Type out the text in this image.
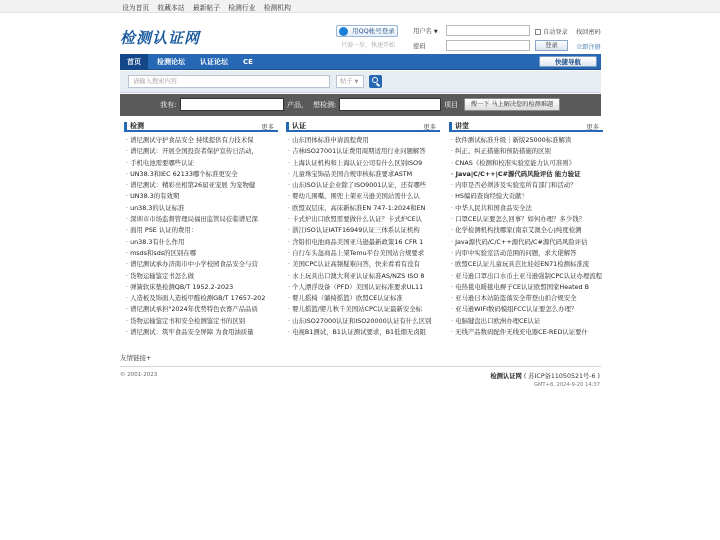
设为首页 收藏本站 最新帖子 检测行业 检测机构
检测认证网	用QQ帐号登录
只需一步，快速开始
用户名 ▼
密码
自动登录 找回密码
登录	立即注册
首页	检测论坛 认证论坛 CE	快捷导航
请输入搜索内容	帖子 ▼
我有:	产品， 想检测:	项目	搜一下 马上解决您的检测难题
检测	更多
· 谱尼测试守护食品安全 持续提供有力技术保
· 谱尼测试：开展全国投资者保护宣传日活动，
· 手机电池需要哪些认证
· UN38.3和IEC 62133哪个标准更安全
· 谱尼测试：精彩亮相第26届亚宠展 为宠物健
· UN38.3的有效期
· un38.3的认证标准
· 深圳市市场监督管理局福田监管局莅临谱尼深
· 面用 PSE 认证的费用：
· un38.3有什么作用
· msds和sds的区别在哪
· 谱尼测试承办济南市中小学校园食品安全与营
· 货物运输鉴定书怎么做
· 弹簧软床垫检测QB/T 1952.2-2023
· 人造板及饰面人造板甲醛检测GB/T 17657-202
· 谱尼测试承担"2024年优势特色农畜产品品质
· 货物运输鉴定书和安全检测鉴定书的区别
· 谱尼测试：筑牢食品安全屏障 为食用油质量
认证	更多
· 山东团体标准申请流程费用
· 吉林ISO27001认证费用周期适用行业问题解答
· 上海认证机构和上海认证公司有什么区别ISO9
· 儿童珠宝饰品美国合规审核标准要求ASTM
· 山东ISO认证企业除了ISO9001认证，还有哪些
· 婴幼儿围嘴、围兜上架亚马逊美国站需什么认
· 欧盟双层床、高床新标准EN 747-1:2024和EN
· 卡式炉出口欧盟需要做什么认证？卡式炉CE认
· 浙江ISO认证IATF16949认证三体系认证机构
· 含铅扣电池商品美国亚马逊最新政策16 CFR 1
· 自行车头盔商品上架Temu平台美国站合规要求
· 美国CPC认证高频疑难问答，快来看看有没有
· 水上玩具出口澳大利亚认证标准AS/NZS ISO 8
· 个人漂浮设备（PFD）美国认证标准要求UL11
· 婴儿摇椅（躺椅摇篮）欧盟CE认证标准
· 婴儿摇篮/婴儿秋千美国站CPC认证最新安全标
· 山东ISO27000认证和ISO20000认证有什么区别
· 电视B1测试，B1认证测试要求，B1低烟无卤阻
讲堂	更多
· 软件测试标准升级｜新版25000标准解读
· 纠正、纠正措施和预防措施的区别
· CNAS《检测和校准实验室能力认可准则》
· Java|C/C++|C#源代码风险评估 能力验证
· 内审是否必须涉及实验室所有部门和活动？
· HS编码查询经验大贡献！
· 中华人民共和国食品安全法
· 口罩CE认证要怎么回事？如何办理？多少钱？
· 化学检测机构找哪家(南京艾澳全心)纯度检测
· Java源代码/C/C++源代码/C#源代码风险评估
· 内审中实验室活动范围的问题，求大佬解答
· 欧盟CE认证儿童玩具芭比娃娃EN71检测标准流
· 亚马逊口罩出口水币土亚马逊强制CPC认证办理流程
· 电热毯电暖毯电褥子CE认证欧盟国家Heated B
· 亚马逊日本站防盗落安全带登山扣合规安全
· 亚马逊WIFI数码模组FCC认证要怎么办理？
· 电脑键盘出口欧洲办理CE认证
· 无线产品数码配件无线充电器CE-RED认证要什
友情链接+
© 2001-2023	检测认证网 ( 苏ICP备11050521号-6 )
GMT+8, 2024-9-20 14:37
